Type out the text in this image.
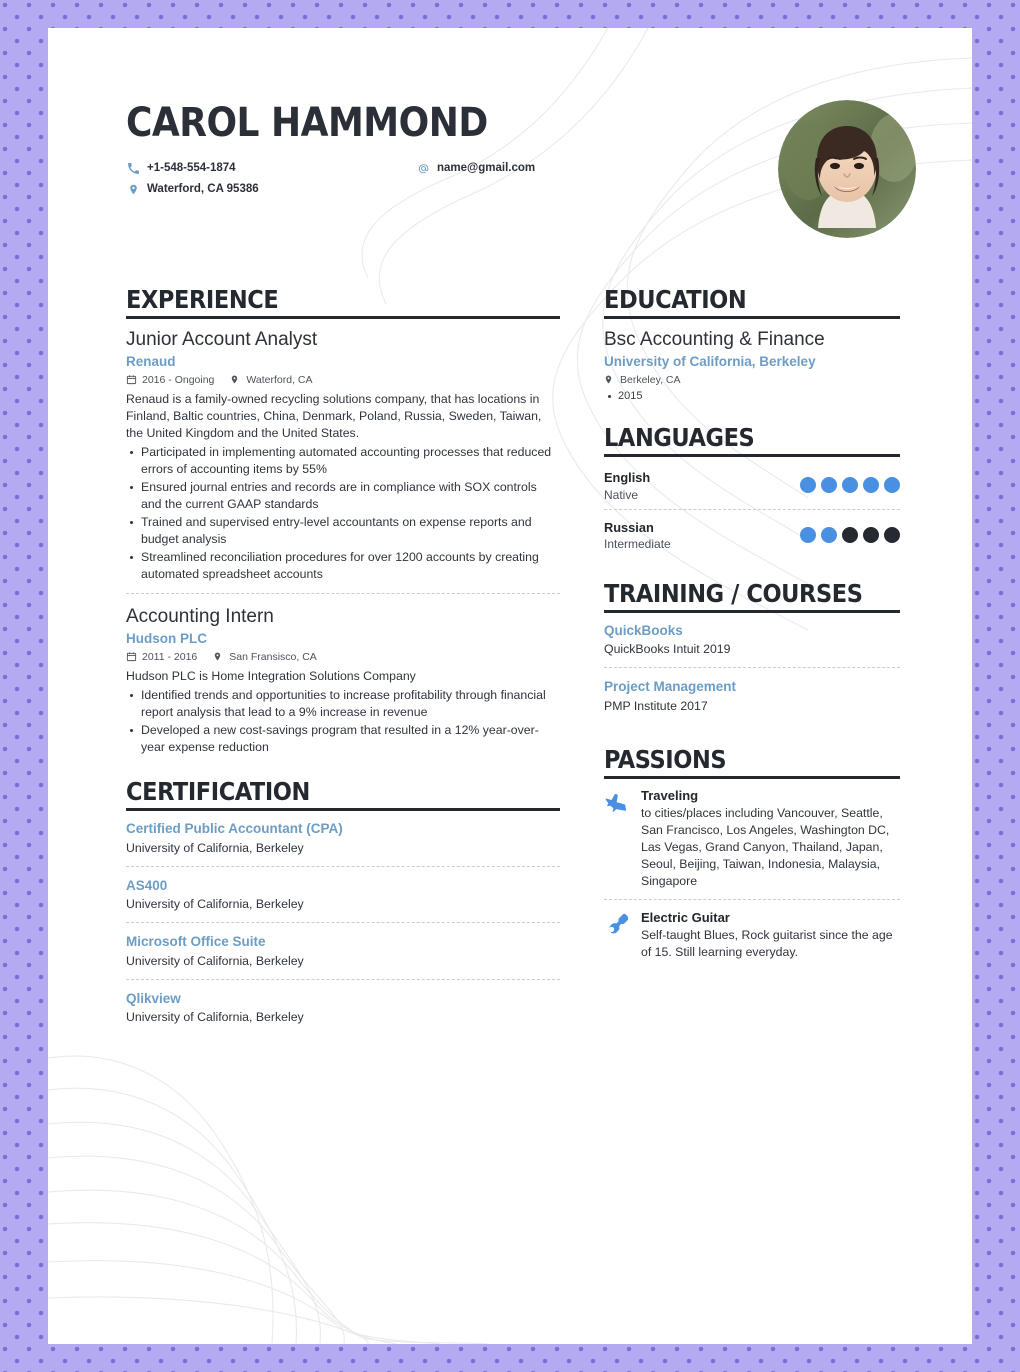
CAROL HAMMOND
+1-548-554-1874	name@gmail.com
Waterford, CA 95386
EXPERIENCE
Junior Account Analyst
Renaud
2016 - Ongoing	Waterford, CA
Renaud is a family-owned recycling solutions company, that has locations in Finland, Baltic countries, China, Denmark, Poland, Russia, Sweden, Taiwan, the United Kingdom and the United States.
Participated in implementing automated accounting processes that reduced errors of accounting items by 55%
Ensured journal entries and records are in compliance with SOX controls and the current GAAP standards
Trained and supervised entry-level accountants on expense reports and budget analysis
Streamlined reconciliation procedures for over 1200 accounts by creating automated spreadsheet accounts
Accounting Intern
Hudson PLC
2011 - 2016	San Fransisco, CA
Hudson PLC is Home Integration Solutions Company
Identified trends and opportunities to increase profitability through financial report analysis that lead to a 9% increase in revenue
Developed a new cost-savings program that resulted in a 12% year-over-year expense reduction
CERTIFICATION
Certified Public Accountant (CPA)
University of California, Berkeley
AS400
University of California, Berkeley
Microsoft Office Suite
University of California, Berkeley
Qlikview
University of California, Berkeley
EDUCATION
Bsc Accounting & Finance
University of California, Berkeley
Berkeley, CA
2015
LANGUAGES
English
Native
Russian
Intermediate
TRAINING / COURSES
QuickBooks
QuickBooks Intuit 2019
Project Management
PMP Institute 2017
PASSIONS
Traveling
to cities/places including Vancouver, Seattle, San Francisco, Los Angeles, Washington DC, Las Vegas, Grand Canyon, Thailand, Japan, Seoul, Beijing, Taiwan, Indonesia, Malaysia, Singapore
Electric Guitar
Self-taught Blues, Rock guitarist since the age of 15. Still learning everyday.
